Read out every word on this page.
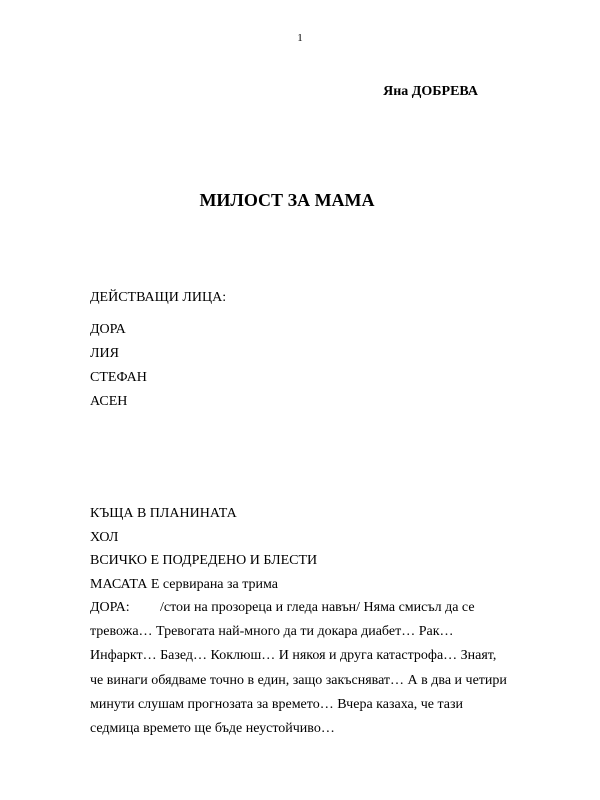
1
Яна ДОБРЕВА
МИЛОСТ ЗА МАМА
ДЕЙСТВАЩИ ЛИЦА:
ДОРА
ЛИЯ
СТЕФАН
АСЕН
КЪЩА В ПЛАНИНАТА
ХОЛ
ВСИЧКО Е ПОДРЕДЕНО И БЛЕСТИ
МАСАТА Е сервирана за трима

ДОРА: /стои на прозореца и гледа навън/ Няма смисъл да се тревожа… Тревогата най-много да ти докара диабет… Рак… Инфаркт… Базед… Коклюш… И някоя и друга катастрофа… Знаят, че винаги обядваме точно в един, защо закъсняват… А в два и четири минути слушам прогнозата за времето… Вчера казаха, че тази седмица времето ще бъде неустойчиво…
